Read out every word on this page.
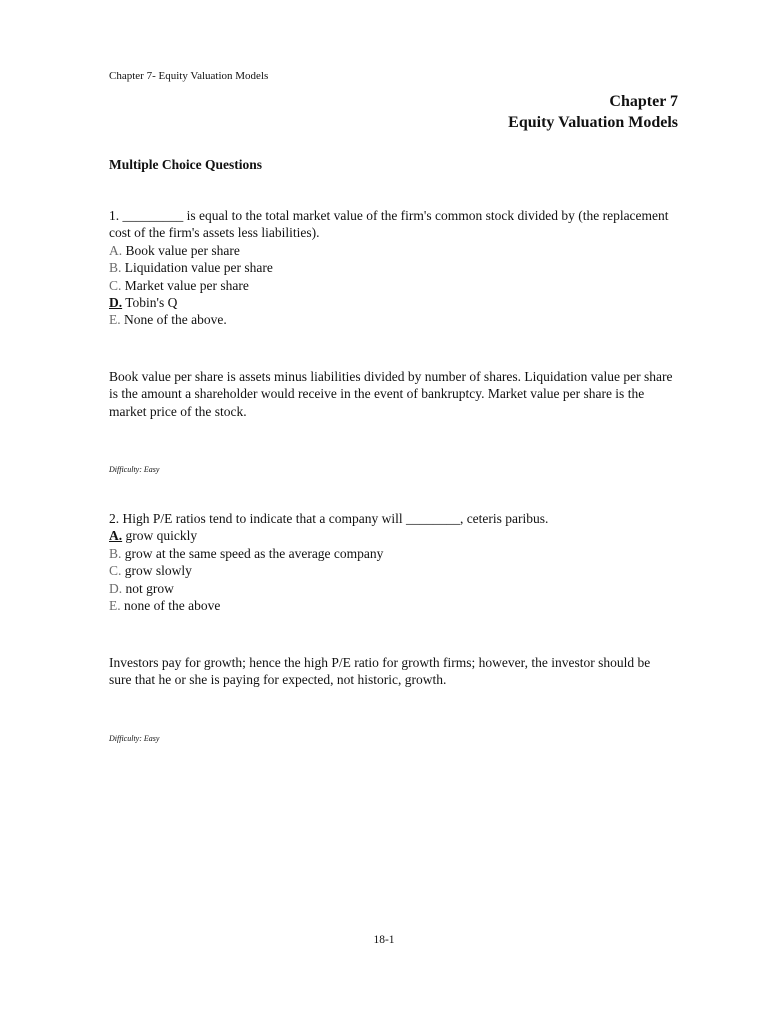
Chapter 7- Equity Valuation Models
Chapter 7
Equity Valuation Models
Multiple Choice Questions
1. _________ is equal to the total market value of the firm's common stock divided by (the replacement cost of the firm's assets less liabilities).
A. Book value per share
B. Liquidation value per share
C. Market value per share
D. Tobin's Q
E. None of the above.
Book value per share is assets minus liabilities divided by number of shares. Liquidation value per share is the amount a shareholder would receive in the event of bankruptcy. Market value per share is the market price of the stock.
Difficulty: Easy
2. High P/E ratios tend to indicate that a company will ________, ceteris paribus.
A. grow quickly
B. grow at the same speed as the average company
C. grow slowly
D. not grow
E. none of the above
Investors pay for growth; hence the high P/E ratio for growth firms; however, the investor should be sure that he or she is paying for expected, not historic, growth.
Difficulty: Easy
18-1
